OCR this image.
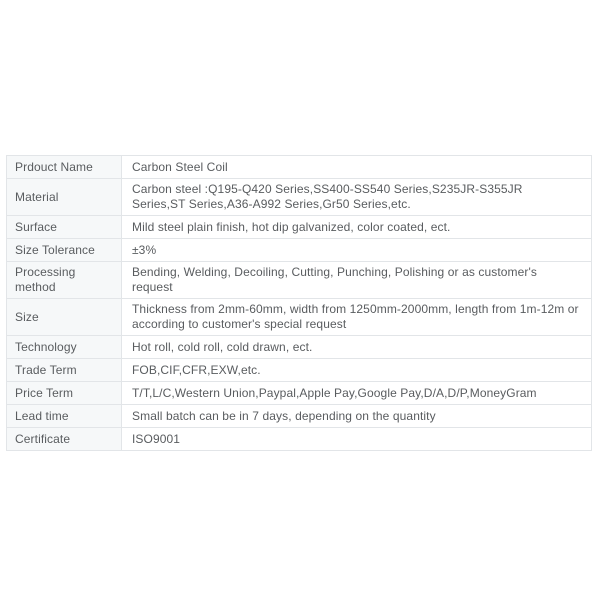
Prdouct Name	Carbon Steel Coil
Material	Carbon steel :Q195-Q420 Series,SS400-SS540 Series,S235JR-S355JR Series,ST Series,A36-A992 Series,Gr50 Series,etc.
Surface	Mild steel plain finish, hot dip galvanized, color coated, ect.
Size Tolerance	±3%
Processing method	Bending, Welding, Decoiling, Cutting, Punching, Polishing or as customer's request
Size	Thickness from 2mm-60mm, width from 1250mm-2000mm, length from 1m-12m or according to customer's special request
Technology	Hot roll, cold roll, cold drawn, ect.
Trade Term	FOB,CIF,CFR,EXW,etc.
Price Term	T/T,L/C,Western Union,Paypal,Apple Pay,Google Pay,D/A,D/P,MoneyGram
Lead time	Small batch can be in 7 days, depending on the quantity
Certificate	ISO9001
